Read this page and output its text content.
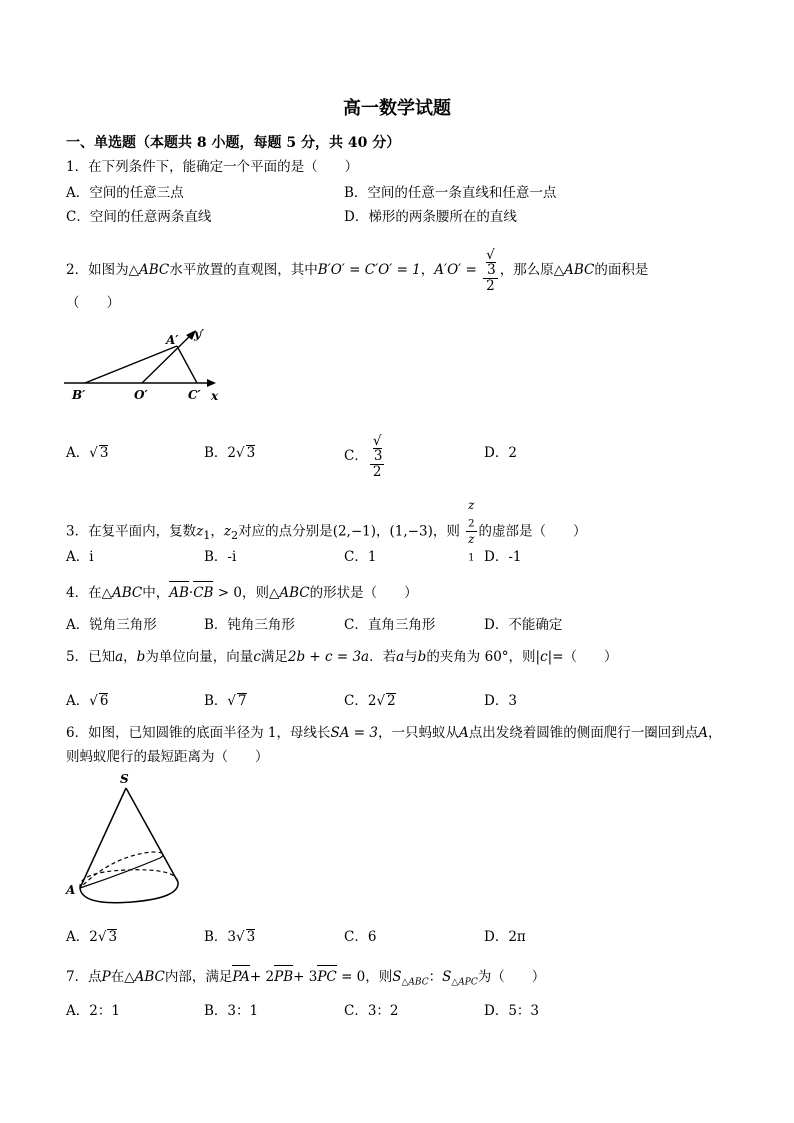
高一数学试题
一、单选题（本题共 8 小题，每题 5 分，共 40 分）
1．在下列条件下，能确定一个平面的是（　　）
A．空间的任意三点	B．空间的任意一条直线和任意一点
C．空间的任意两条直线	D．梯形的两条腰所在的直线
2．如图为△ABC水平放置的直观图，其中B′O′ = C′O′ = 1，A′O′ = √
3
2 ，那么原△ABC的面积是
（　　）
A′ y′
B′	O′	C′ x
A．√ 3	B．2√ 3	C． √
3
2	D．2
3．在复平面内，复数$z_1$，$z_2$对应的点分别是(2,−1)，(1,−3)，则 z
$_2$
z
$_1$ 的虚部是（　　）
A．i	B．-i	C．1	D．-1
4．在△ABC中，AB·CB > 0，则△ABC的形状是（　　）
A．锐角三角形	B．钝角三角形	C．直角三角形	D．不能确定
5．已知a，b为单位向量，向量c满足2b + c = 3a．若a与b的夹角为 60°，则|c|=（　　）
A．√ 6	B．√ 7	C．2√ 2	D．3
6．如图，已知圆锥的底面半径为 1，母线长SA = 3，一只蚂蚁从A点出发绕着圆锥的侧面爬行一圈回到点A，
则蚂蚁爬行的最短距离为（　　）
S
A
A．2√ 3	B．3√ 3	C．6	D．2π
7．点P在△ABC内部，满足PA+ 2PB+ 3PC = 0，则$S_{\triangle ABC}$：$S_{\triangle APC}$为（　　）
A．2：1	B．3：1	C．3：2	D．5：3
